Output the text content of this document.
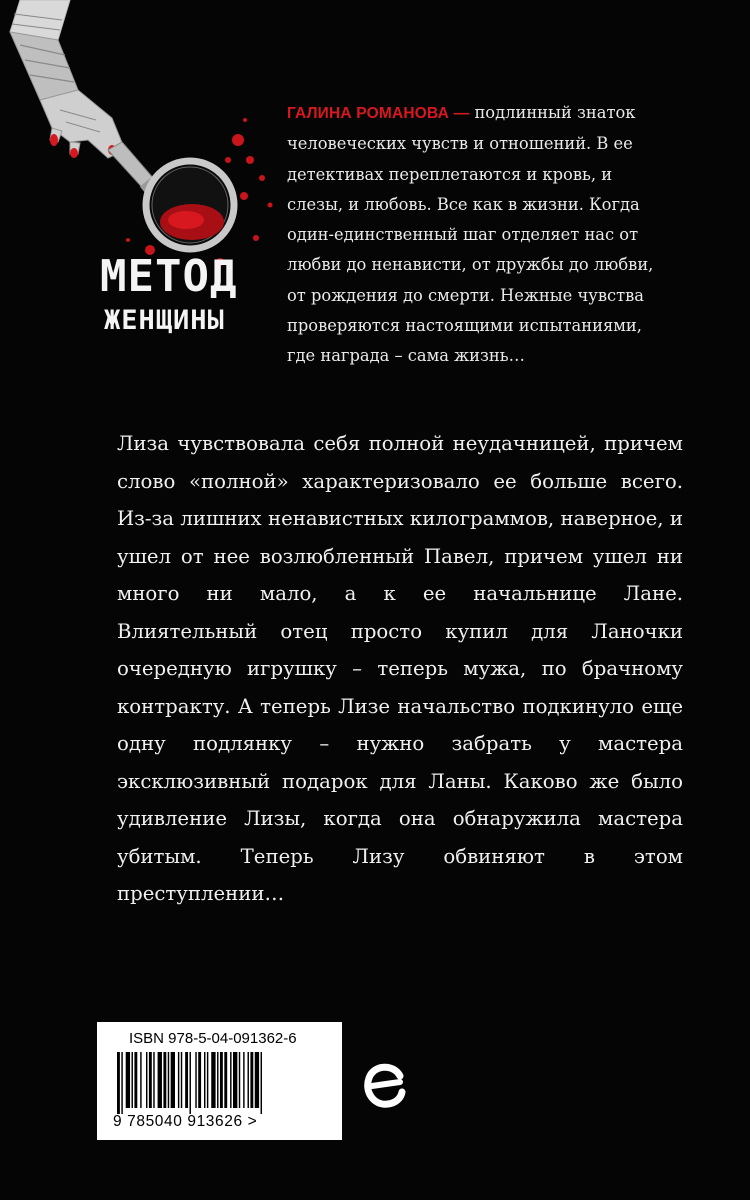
МЕТОД
ЖЕНЩИНЫ

ГАЛИНА РОМАНОВА — подлинный знаток человеческих чувств и отношений. В ее детективах переплетаются и кровь, и слезы, и любовь. Все как в жизни. Когда один-единственный шаг отделяет нас от любви до ненависти, от дружбы до любви, от рождения до смерти. Нежные чувства проверяются настоящими испытаниями, где награда – сама жизнь…

Лиза чувствовала себя полной неудачницей, причем слово «полной» характеризовало ее больше всего. Из-за лишних ненавистных килограммов, наверное, и ушел от нее возлюбленный Павел, причем ушел ни много ни мало, а к ее начальнице Лане. Влиятельный отец просто купил для Ланочки очередную игрушку – теперь мужа, по брачному контракту. А теперь Лизе начальство подкинуло еще одну подлянку – нужно забрать у мастера эксклюзивный подарок для Ланы. Каково же было удивление Лизы, когда она обнаружила мастера убитым. Теперь Лизу обвиняют в этом преступлении…

ISBN 978-5-04-091362-6
9 785040 913626 >
